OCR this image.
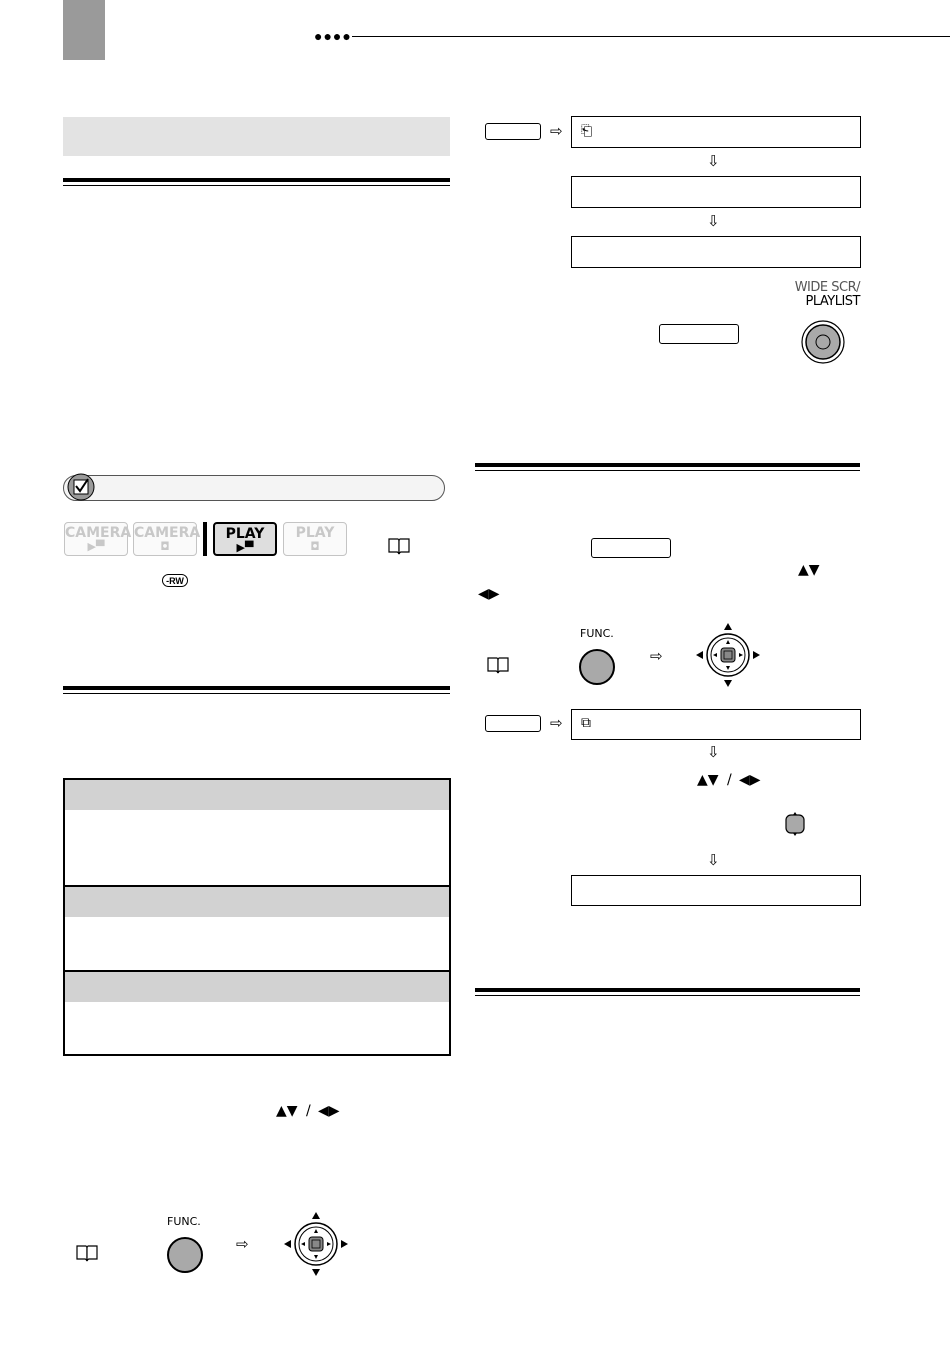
●●●●
CAMERA
▶▀
CAMERA
◘
PLAY
▶▀
PLAY
◘
-RW
▲▼ / ◀▶
FUNC.
⇨
⇨ ⎗
⇩
⇩
WIDE SCR/
PLAYLIST
▲▼
◀▶
FUNC.
⇨
⇨ ⧉
⇩
▲▼ / ◀▶
⇩
